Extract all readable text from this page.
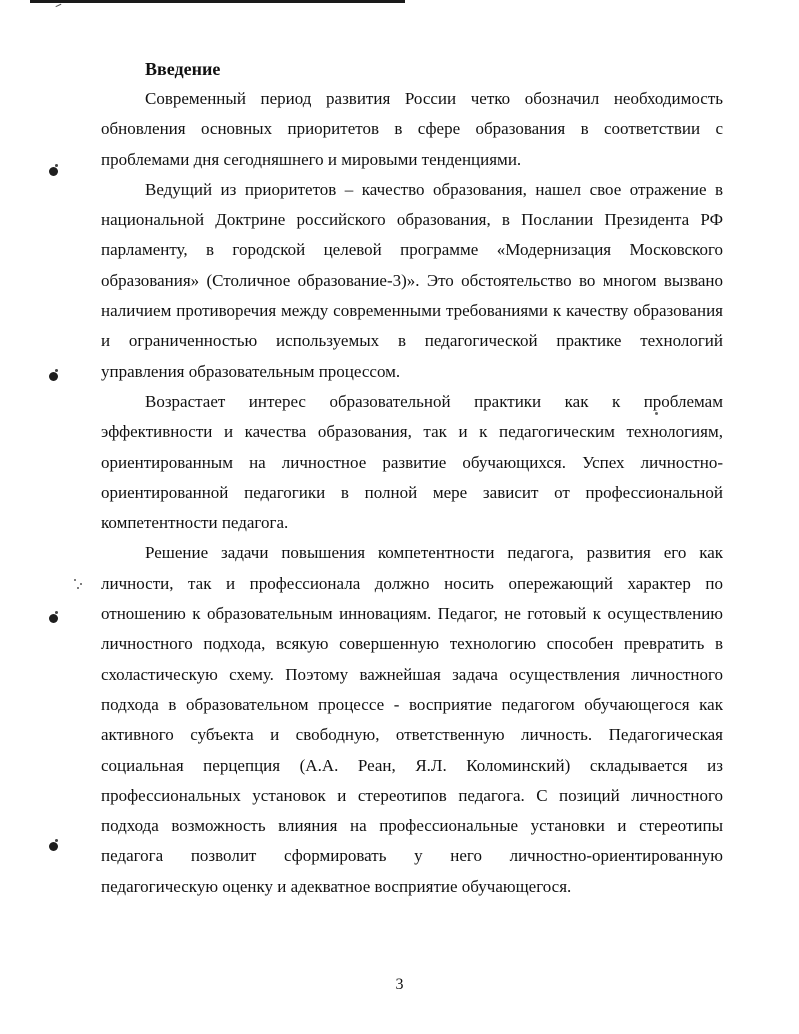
Введение

Современный период развития России четко обозначил необходимость обновления основных приоритетов в сфере образования в соответствии с проблемами дня сегодняшнего и мировыми тенденциями.

Ведущий из приоритетов – качество образования, нашел свое отражение в национальной Доктрине российского образования, в Послании Президента РФ парламенту, в городской целевой программе «Модернизация Московского образования» (Столичное образование-3)». Это обстоятельство во многом вызвано наличием противоречия между современными требованиями к качеству образования и ограниченностью используемых в педагогической практике технологий управления образовательным процессом.

Возрастает интерес образовательной практики как к проблемам эффективности и качества образования, так и к педагогическим технологиям, ориентированным на личностное развитие обучающихся. Успех личностно-ориентированной педагогики в полной мере зависит от профессиональной компетентности педагога.

Решение задачи повышения компетентности педагога, развития его как личности, так и профессионала должно носить опережающий характер по отношению к образовательным инновациям. Педагог, не готовый к осуществлению личностного подхода, всякую совершенную технологию способен превратить в схоластическую схему. Поэтому важнейшая задача осуществления личностного подхода в образовательном процессе - восприятие педагогом обучающегося как активного субъекта и свободную, ответственную личность. Педагогическая социальная перцепция (А.А. Реан, Я.Л. Коломинский) складывается из профессиональных установок и стереотипов педагога. С позиций личностного подхода возможность влияния на профессиональные установки и стереотипы педагога позволит сформировать у него личностно-ориентированную педагогическую оценку и адекватное восприятие обучающегося.

3
